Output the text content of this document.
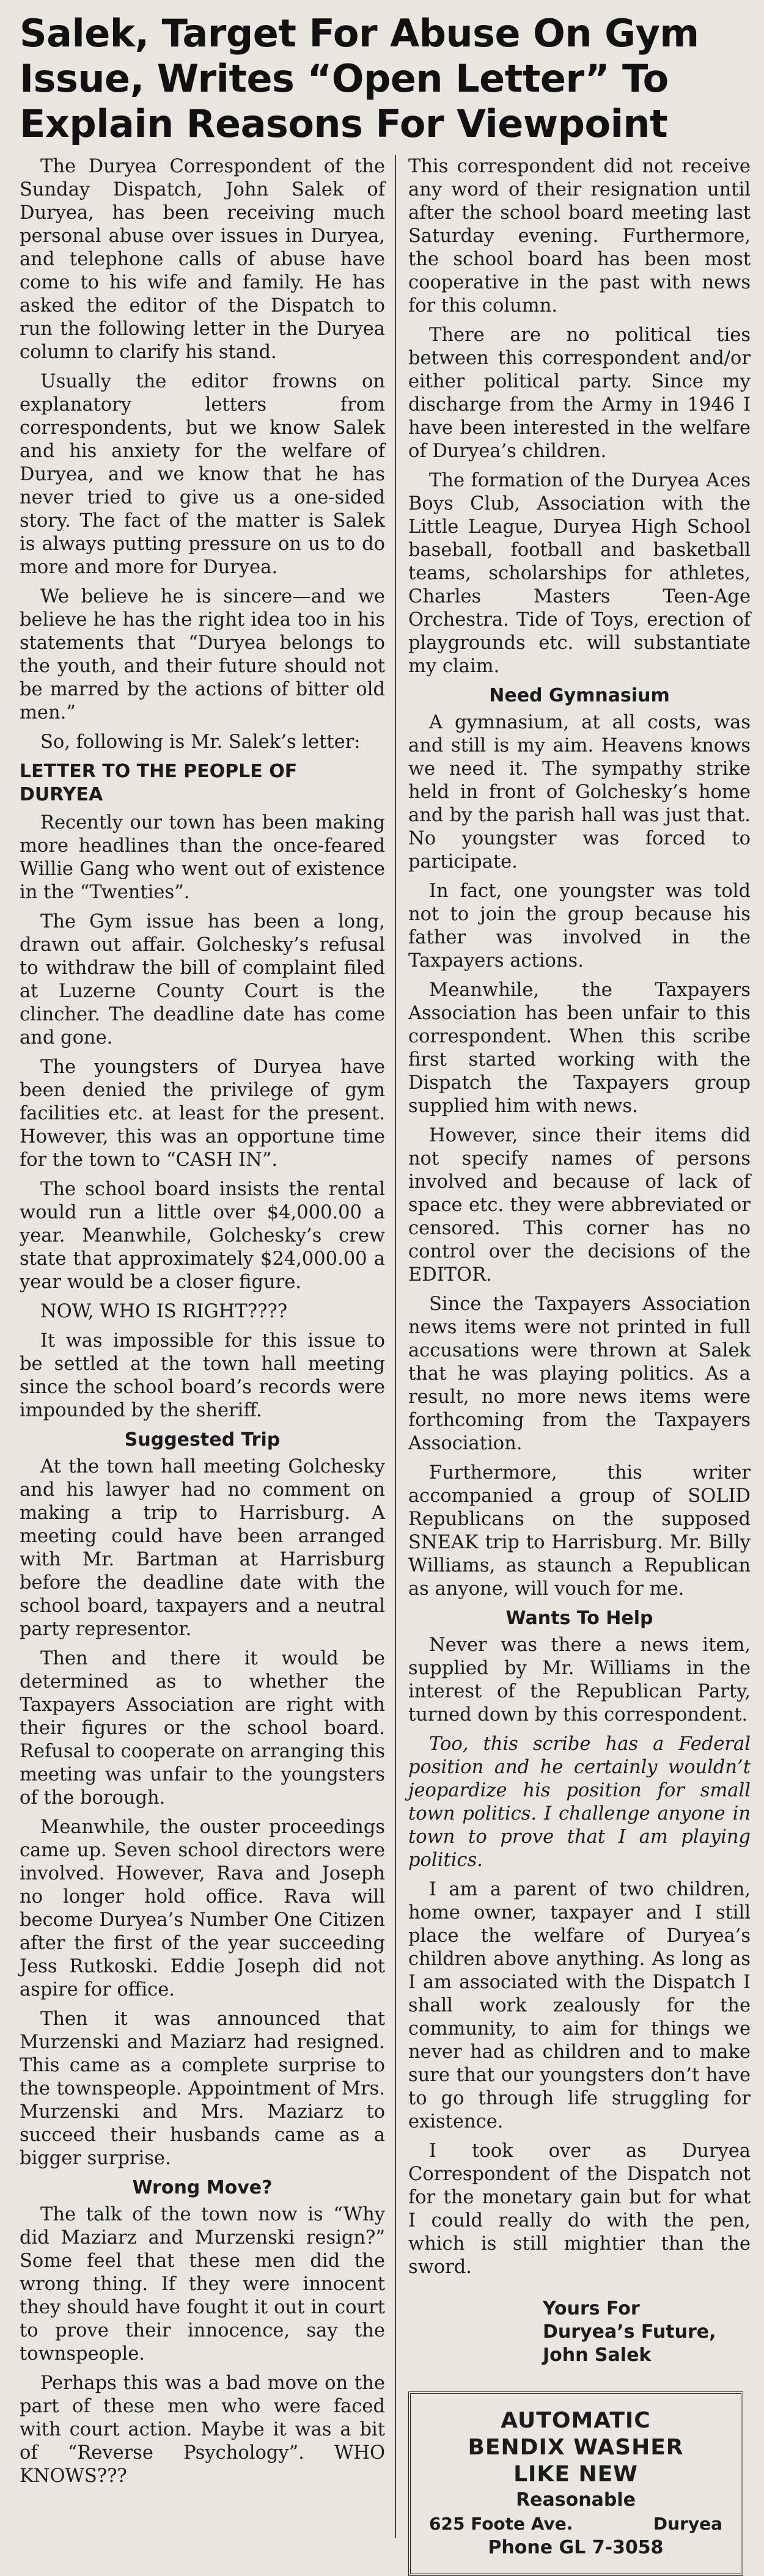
Salek, Target For Abuse On Gym
Issue, Writes “Open Letter” To
Explain Reasons For Viewpoint

The Duryea Correspondent of the Sunday Dispatch, John Salek of Duryea, has been receiving much personal abuse over issues in Duryea, and telephone calls of abuse have come to his wife and family. He has asked the editor of the Dispatch to run the following letter in the Duryea column to clarify his stand.

Usually the editor frowns on explanatory letters from correspondents, but we know Salek and his anxiety for the welfare of Duryea, and we know that he has never tried to give us a one-sided story. The fact of the matter is Salek is always putting pressure on us to do more and more for Duryea.

We believe he is sincere—and we believe he has the right idea too in his statements that “Duryea belongs to the youth, and their future should not be marred by the actions of bitter old men.”

So, following is Mr. Salek’s letter:

LETTER TO THE PEOPLE OF DURYEA

Recently our town has been making more headlines than the once-feared Willie Gang who went out of existence in the “Twenties”.

The Gym issue has been a long, drawn out affair. Golchesky’s refusal to withdraw the bill of complaint filed at Luzerne County Court is the clincher. The deadline date has come and gone.

The youngsters of Duryea have been denied the privilege of gym facilities etc. at least for the present. However, this was an opportune time for the town to “CASH IN”.

The school board insists the rental would run a little over $4,000.00 a year. Meanwhile, Golchesky’s crew state that approximately $24,000.00 a year would be a closer figure.

NOW, WHO IS RIGHT????

It was impossible for this issue to be settled at the town hall meeting since the school board’s records were impounded by the sheriff.

Suggested Trip

At the town hall meeting Golchesky and his lawyer had no comment on making a trip to Harrisburg. A meeting could have been arranged with Mr. Bartman at Harrisburg before the deadline date with the school board, taxpayers and a neutral party representor.

Then and there it would be determined as to whether the Taxpayers Association are right with their figures or the school board. Refusal to cooperate on arranging this meeting was unfair to the youngsters of the borough.

Meanwhile, the ouster proceedings came up. Seven school directors were involved. However, Rava and Joseph no longer hold office. Rava will become Duryea’s Number One Citizen after the first of the year succeeding Jess Rutkoski. Eddie Joseph did not aspire for office.

Then it was announced that Murzenski and Maziarz had resigned. This came as a complete surprise to the townspeople. Appointment of Mrs. Murzenski and Mrs. Maziarz to succeed their husbands came as a bigger surprise.

Wrong Move?

The talk of the town now is “Why did Maziarz and Murzenski resign?” Some feel that these men did the wrong thing. If they were innocent they should have fought it out in court to prove their innocence, say the townspeople.

Perhaps this was a bad move on the part of these men who were faced with court action. Maybe it was a bit of “Reverse Psychology”. WHO KNOWS???

This correspondent did not receive any word of their resignation until after the school board meeting last Saturday evening. Furthermore, the school board has been most cooperative in the past with news for this column.

There are no political ties between this correspondent and/or either political party. Since my discharge from the Army in 1946 I have been interested in the welfare of Duryea’s children.

The formation of the Duryea Aces Boys Club, Association with the Little League, Duryea High School baseball, football and basketball teams, scholarships for athletes, Charles Masters Teen-Age Orchestra. Tide of Toys, erection of playgrounds etc. will substantiate my claim.

Need Gymnasium

A gymnasium, at all costs, was and still is my aim. Heavens knows we need it. The sympathy strike held in front of Golchesky’s home and by the parish hall was just that. No youngster was forced to participate.

In fact, one youngster was told not to join the group because his father was involved in the Taxpayers actions.

Meanwhile, the Taxpayers Association has been unfair to this correspondent. When this scribe first started working with the Dispatch the Taxpayers group supplied him with news.

However, since their items did not specify names of persons involved and because of lack of space etc. they were abbreviated or censored. This corner has no control over the decisions of the EDITOR.

Since the Taxpayers Association news items were not printed in full accusations were thrown at Salek that he was playing politics. As a result, no more news items were forthcoming from the Taxpayers Association.

Furthermore, this writer accompanied a group of SOLID Republicans on the supposed SNEAK trip to Harrisburg. Mr. Billy Williams, as staunch a Republican as anyone, will vouch for me.

Wants To Help

Never was there a news item, supplied by Mr. Williams in the interest of the Republican Party, turned down by this correspondent.

Too, this scribe has a Federal position and he certainly wouldn’t jeopardize his position for small town politics. I challenge anyone in town to prove that I am playing politics.

I am a parent of two children, home owner, taxpayer and I still place the welfare of Duryea’s children above anything. As long as I am associated with the Dispatch I shall work zealously for the community, to aim for things we never had as children and to make sure that our youngsters don’t have to go through life struggling for existence.

I took over as Duryea Correspondent of the Dispatch not for the monetary gain but for what I could really do with the pen, which is still mightier than the sword.

Yours For
Duryea’s Future,
John Salek
AUTOMATIC
BENDIX WASHER
LIKE NEW
Reasonable
625 Foote Ave.	Duryea
Phone GL 7-3058
